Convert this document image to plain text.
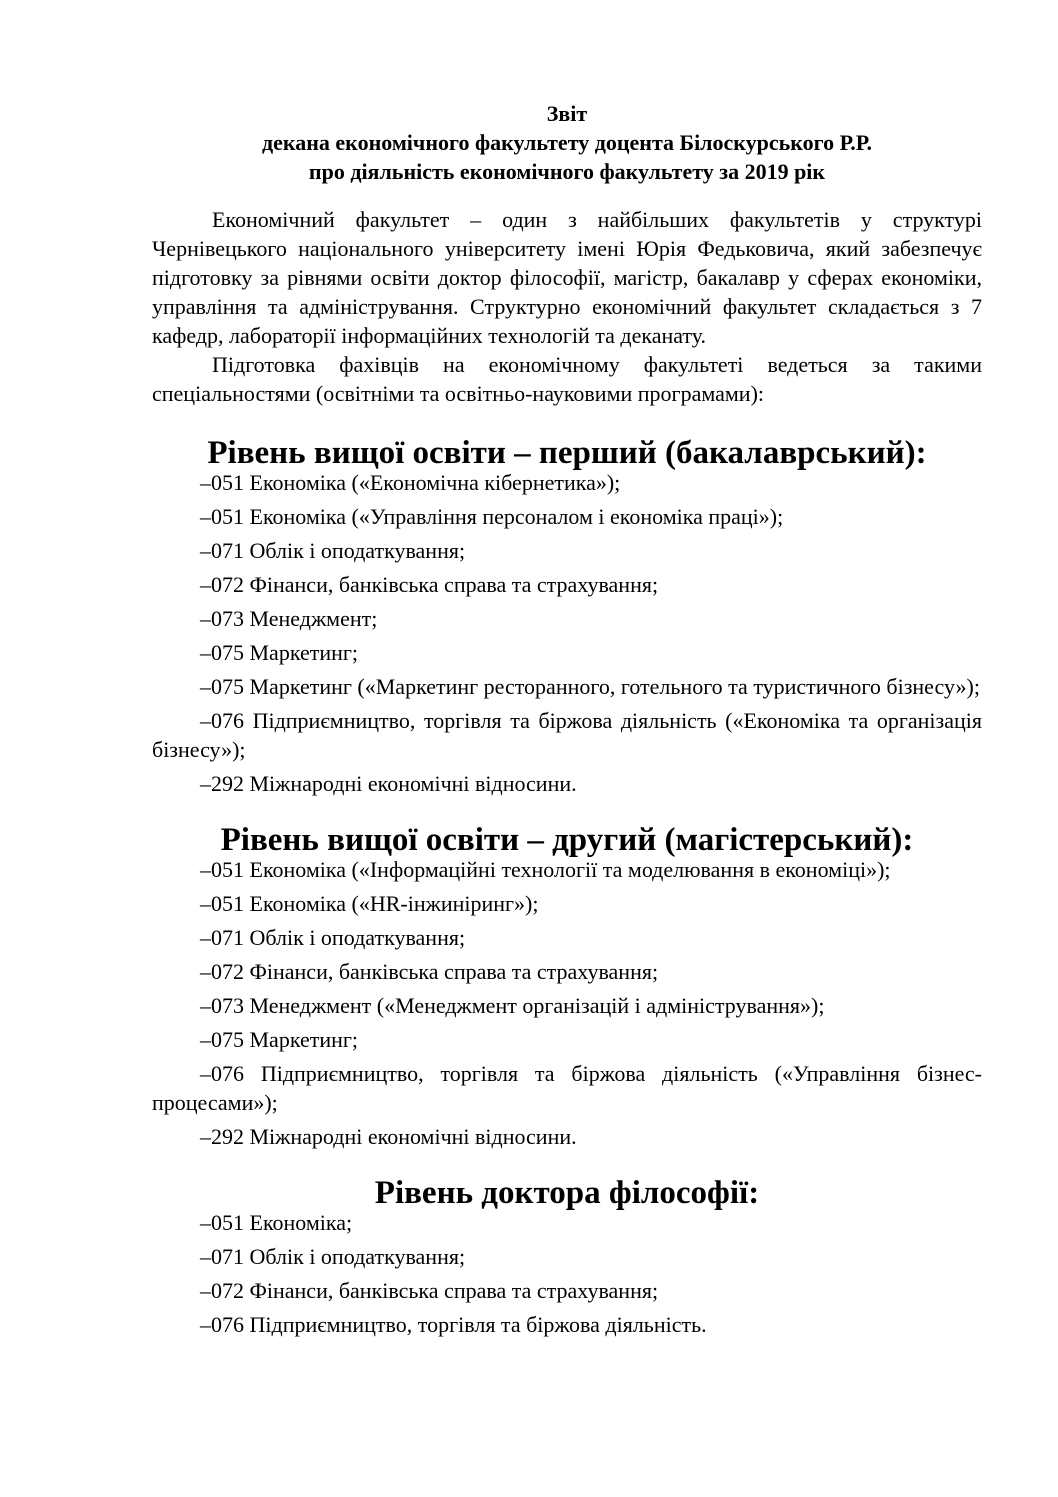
Звіт
декана економічного факультету доцента Білоскурського Р.Р.
про діяльність економічного факультету за 2019 рік

Економічний факультет – один з найбільших факультетів у структурі Чернівецького національного університету імені Юрія Федьковича, який забезпечує підготовку за рівнями освіти доктор філософії, магістр, бакалавр у сферах економіки, управління та адміністрування. Структурно економічний факультет складається з 7 кафедр, лабораторії інформаційних технологій та деканату.

Підготовка фахівців на економічному факультеті ведеться за такими спеціальностями (освітніми та освітньо-науковими програмами):

Рівень вищої освіти – перший (бакалаврський):
–051 Економіка («Економічна кібернетика»);
–051 Економіка («Управління персоналом і економіка праці»);
–071 Облік і оподаткування;
–072 Фінанси, банківська справа та страхування;
–073 Менеджмент;
–075 Маркетинг;
–075 Маркетинг («Маркетинг ресторанного, готельного та туристичного бізнесу»);
–076 Підприємництво, торгівля та біржова діяльність («Економіка та організація бізнесу»);
–292 Міжнародні економічні відносини.
Рівень вищої освіти – другий (магістерський):
–051 Економіка («Інформаційні технології та моделювання в економіці»);
–051 Економіка («HR-інжиніринг»);
–071 Облік і оподаткування;
–072 Фінанси, банківська справа та страхування;
–073 Менеджмент («Менеджмент організацій і адміністрування»);
–075 Маркетинг;
–076 Підприємництво, торгівля та біржова діяльність («Управління бізнес-процесами»);
–292 Міжнародні економічні відносини.
Рівень доктора філософії:
–051 Економіка;
–071 Облік і оподаткування;
–072 Фінанси, банківська справа та страхування;
–076 Підприємництво, торгівля та біржова діяльність.
